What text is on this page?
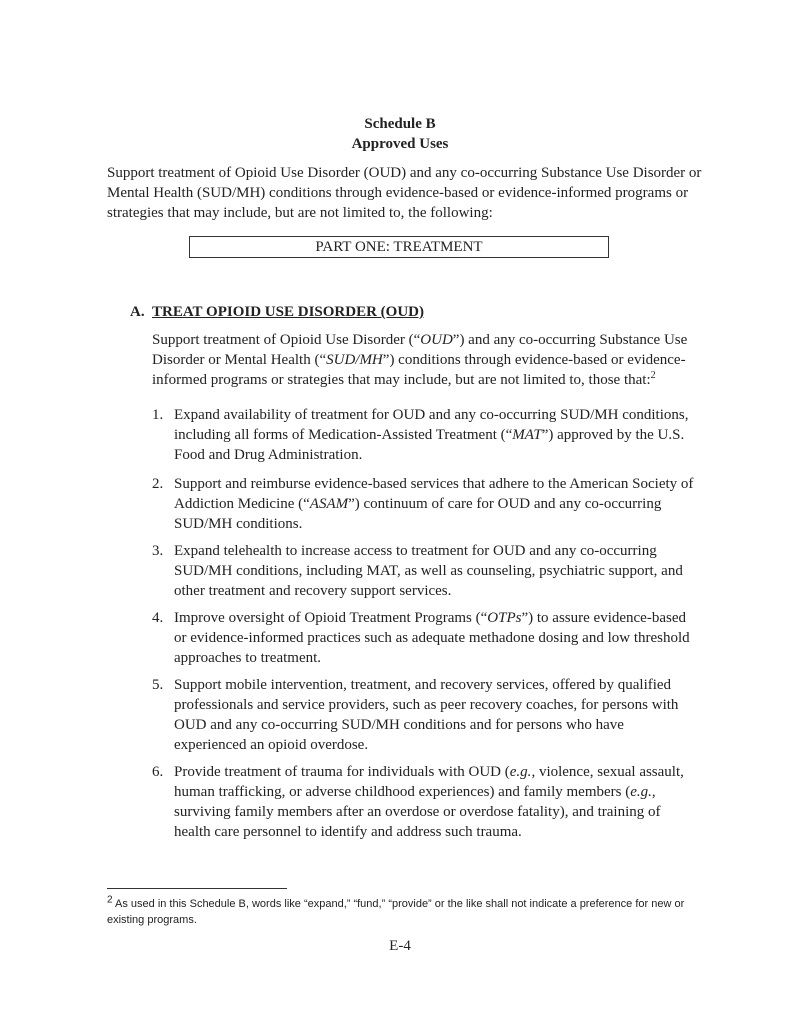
Schedule B
Approved Uses
Support treatment of Opioid Use Disorder (OUD) and any co-occurring Substance Use Disorder or Mental Health (SUD/MH) conditions through evidence-based or evidence-informed programs or strategies that may include, but are not limited to, the following:
PART ONE: TREATMENT
A. TREAT OPIOID USE DISORDER (OUD)
Support treatment of Opioid Use Disorder (“OUD”) and any co-occurring Substance Use Disorder or Mental Health (“SUD/MH”) conditions through evidence-based or evidence-informed programs or strategies that may include, but are not limited to, those that:$^2$
1. Expand availability of treatment for OUD and any co-occurring SUD/MH conditions, including all forms of Medication-Assisted Treatment (“MAT”) approved by the U.S. Food and Drug Administration.
2. Support and reimburse evidence-based services that adhere to the American Society of Addiction Medicine (“ASAM”) continuum of care for OUD and any co-occurring SUD/MH conditions.
3. Expand telehealth to increase access to treatment for OUD and any co-occurring SUD/MH conditions, including MAT, as well as counseling, psychiatric support, and other treatment and recovery support services.
4. Improve oversight of Opioid Treatment Programs (“OTPs”) to assure evidence-based or evidence-informed practices such as adequate methadone dosing and low threshold approaches to treatment.
5. Support mobile intervention, treatment, and recovery services, offered by qualified professionals and service providers, such as peer recovery coaches, for persons with OUD and any co-occurring SUD/MH conditions and for persons who have experienced an opioid overdose.
6. Provide treatment of trauma for individuals with OUD (e.g., violence, sexual assault, human trafficking, or adverse childhood experiences) and family members (e.g., surviving family members after an overdose or overdose fatality), and training of health care personnel to identify and address such trauma.
$^2$ As used in this Schedule B, words like “expand,” “fund,” “provide” or the like shall not indicate a preference for new or existing programs.
E-4
